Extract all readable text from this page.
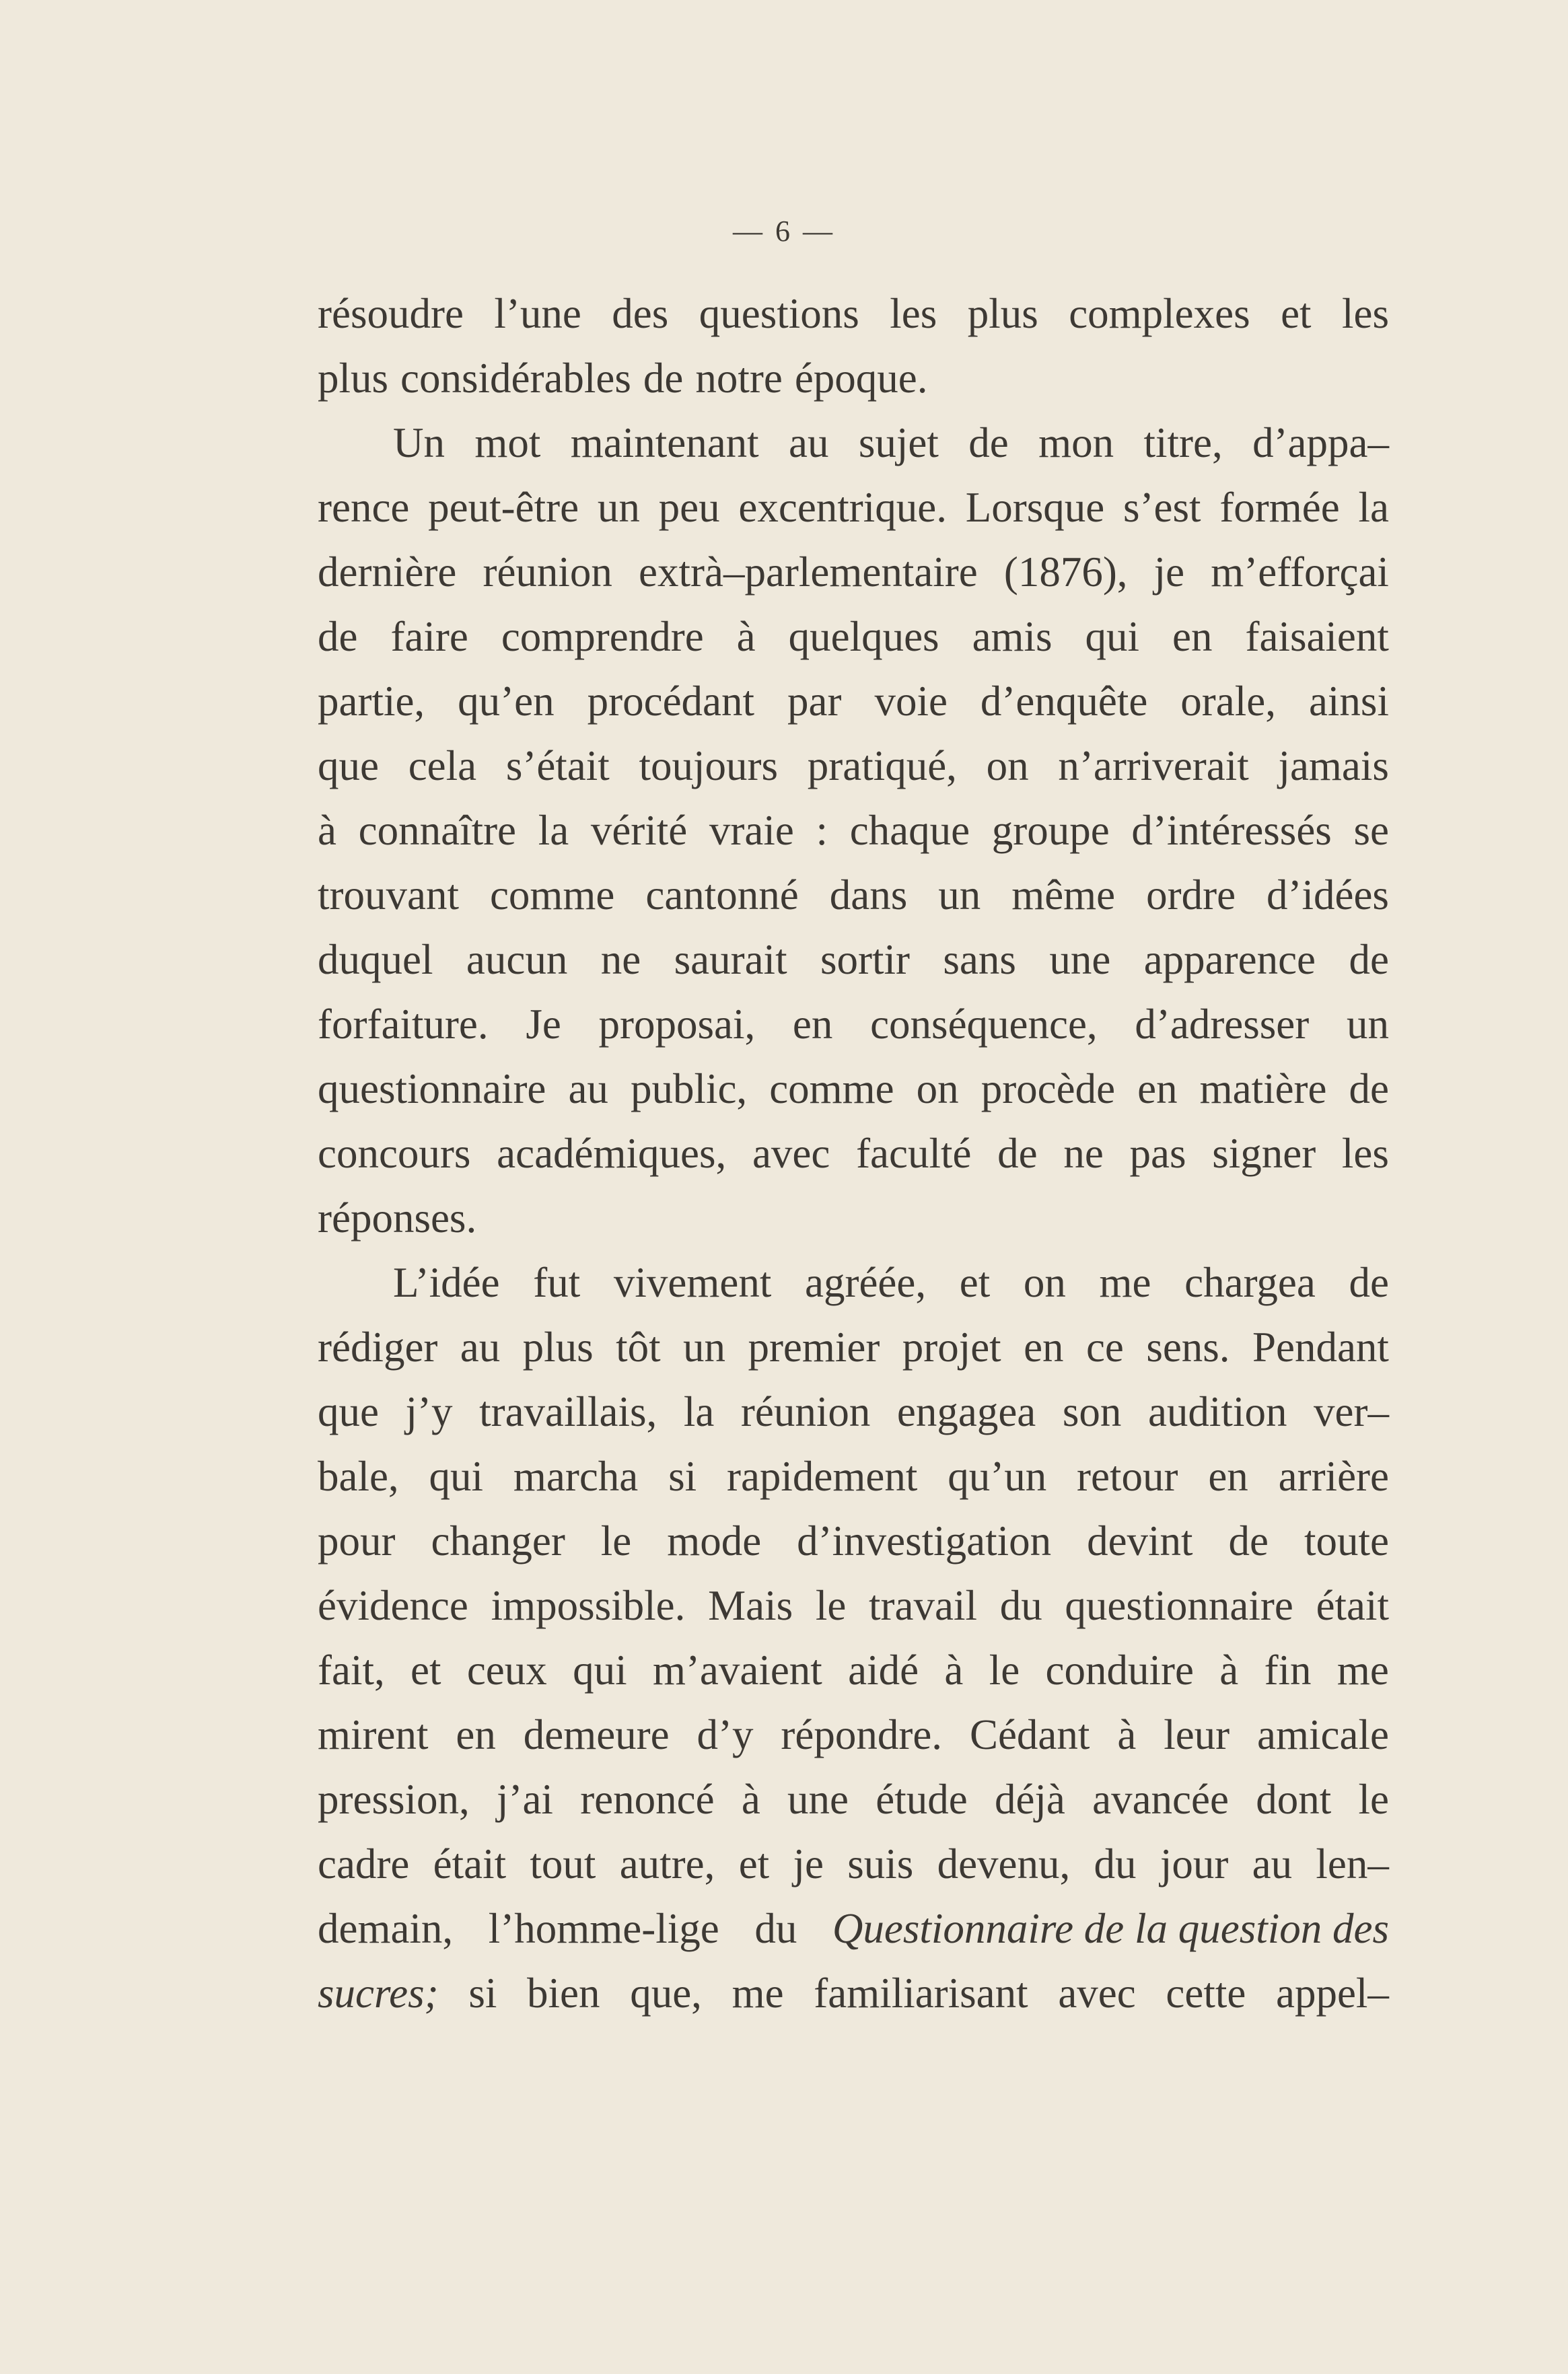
— 6 —
résoudre l’une des questions les plus complexes et les
plus considérables de notre époque.
Un mot maintenant au sujet de mon titre, d’appa–
rence peut-être un peu excentrique. Lorsque s’est formée la
dernière réunion extrà–parlementaire (1876), je m’efforçai
de faire comprendre à quelques amis qui en faisaient
partie, qu’en procédant par voie d’enquête orale, ainsi
que cela s’était toujours pratiqué, on n’arriverait jamais
à connaître la vérité vraie : chaque groupe d’intéressés se
trouvant comme cantonné dans un même ordre d’idées
duquel aucun ne saurait sortir sans une apparence de
forfaiture. Je proposai, en conséquence, d’adresser un
questionnaire au public, comme on procède en matière de
concours académiques, avec faculté de ne pas signer les
réponses.
L’idée fut vivement agréée, et on me chargea de
rédiger au plus tôt un premier projet en ce sens. Pendant
que j’y travaillais, la réunion engagea son audition ver–
bale, qui marcha si rapidement qu’un retour en arrière
pour changer le mode d’investigation devint de toute
évidence impossible. Mais le travail du questionnaire était
fait, et ceux qui m’avaient aidé à le conduire à fin me
mirent en demeure d’y répondre. Cédant à leur amicale
pression, j’ai renoncé à une étude déjà avancée dont le
cadre était tout autre, et je suis devenu, du jour au len–
demain, l’homme-lige du Questionnaire de la question des
sucres; si bien que, me familiarisant avec cette appel–
